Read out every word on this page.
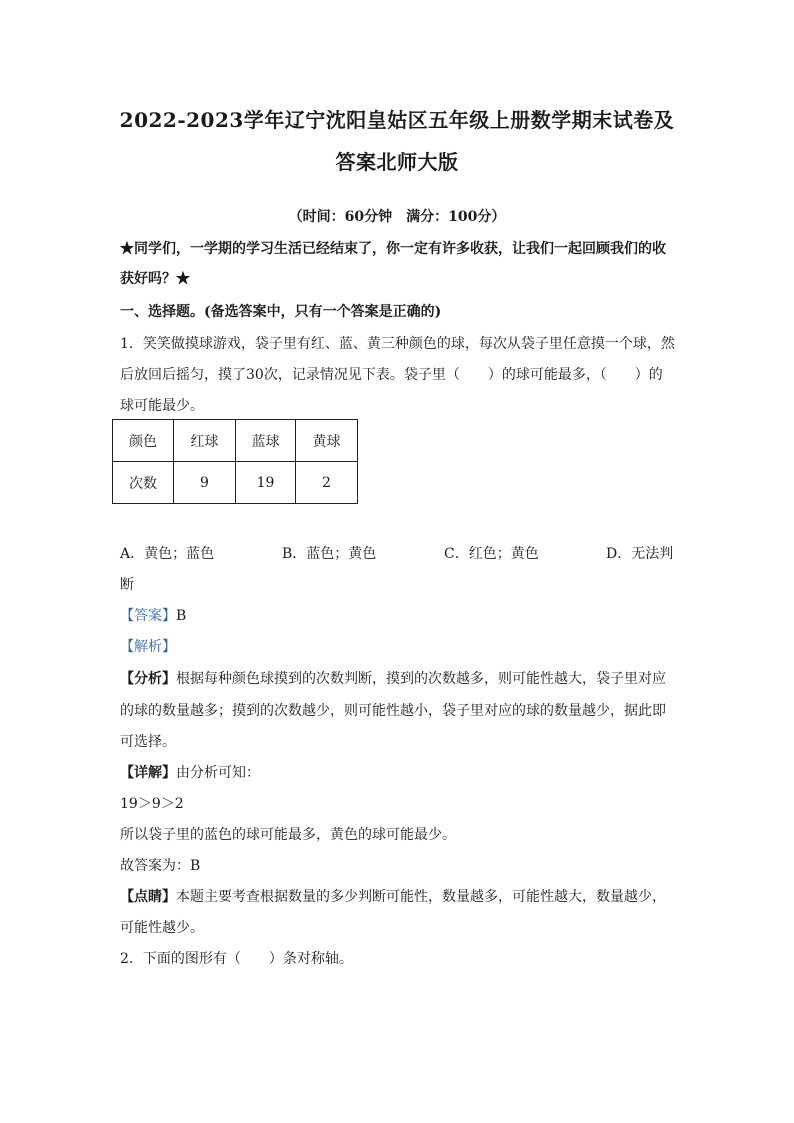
2022-2023学年辽宁沈阳皇姑区五年级上册数学期末试卷及
答案北师大版
（时间：60分钟　满分：100分）
★同学们，一学期的学习生活已经结束了，你一定有许多收获，让我们一起回顾我们的收
获好吗？★
一、选择题。(备选答案中，只有一个答案是正确的)
1．笑笑做摸球游戏，袋子里有红、蓝、黄三种颜色的球，每次从袋子里任意摸一个球，然
后放回后摇匀，摸了30次，记录情况见下表。袋子里（　　）的球可能最多，（　　）的
球可能最少。
颜色	红球	蓝球	黄球
次数	9	19	2
A．黄色；蓝色	B．蓝色；黄色	C．红色；黄色	D．无法判
断
【答案】B
【解析】
【分析】根据每种颜色球摸到的次数判断，摸到的次数越多，则可能性越大，袋子里对应
的球的数量越多；摸到的次数越少，则可能性越小，袋子里对应的球的数量越少，据此即
可选择。
【详解】由分析可知：
19＞9＞2
所以袋子里的蓝色的球可能最多，黄色的球可能最少。
故答案为：B
【点睛】本题主要考查根据数量的多少判断可能性，数量越多，可能性越大，数量越少，
可能性越少。
2．下面的图形有（　　）条对称轴。
